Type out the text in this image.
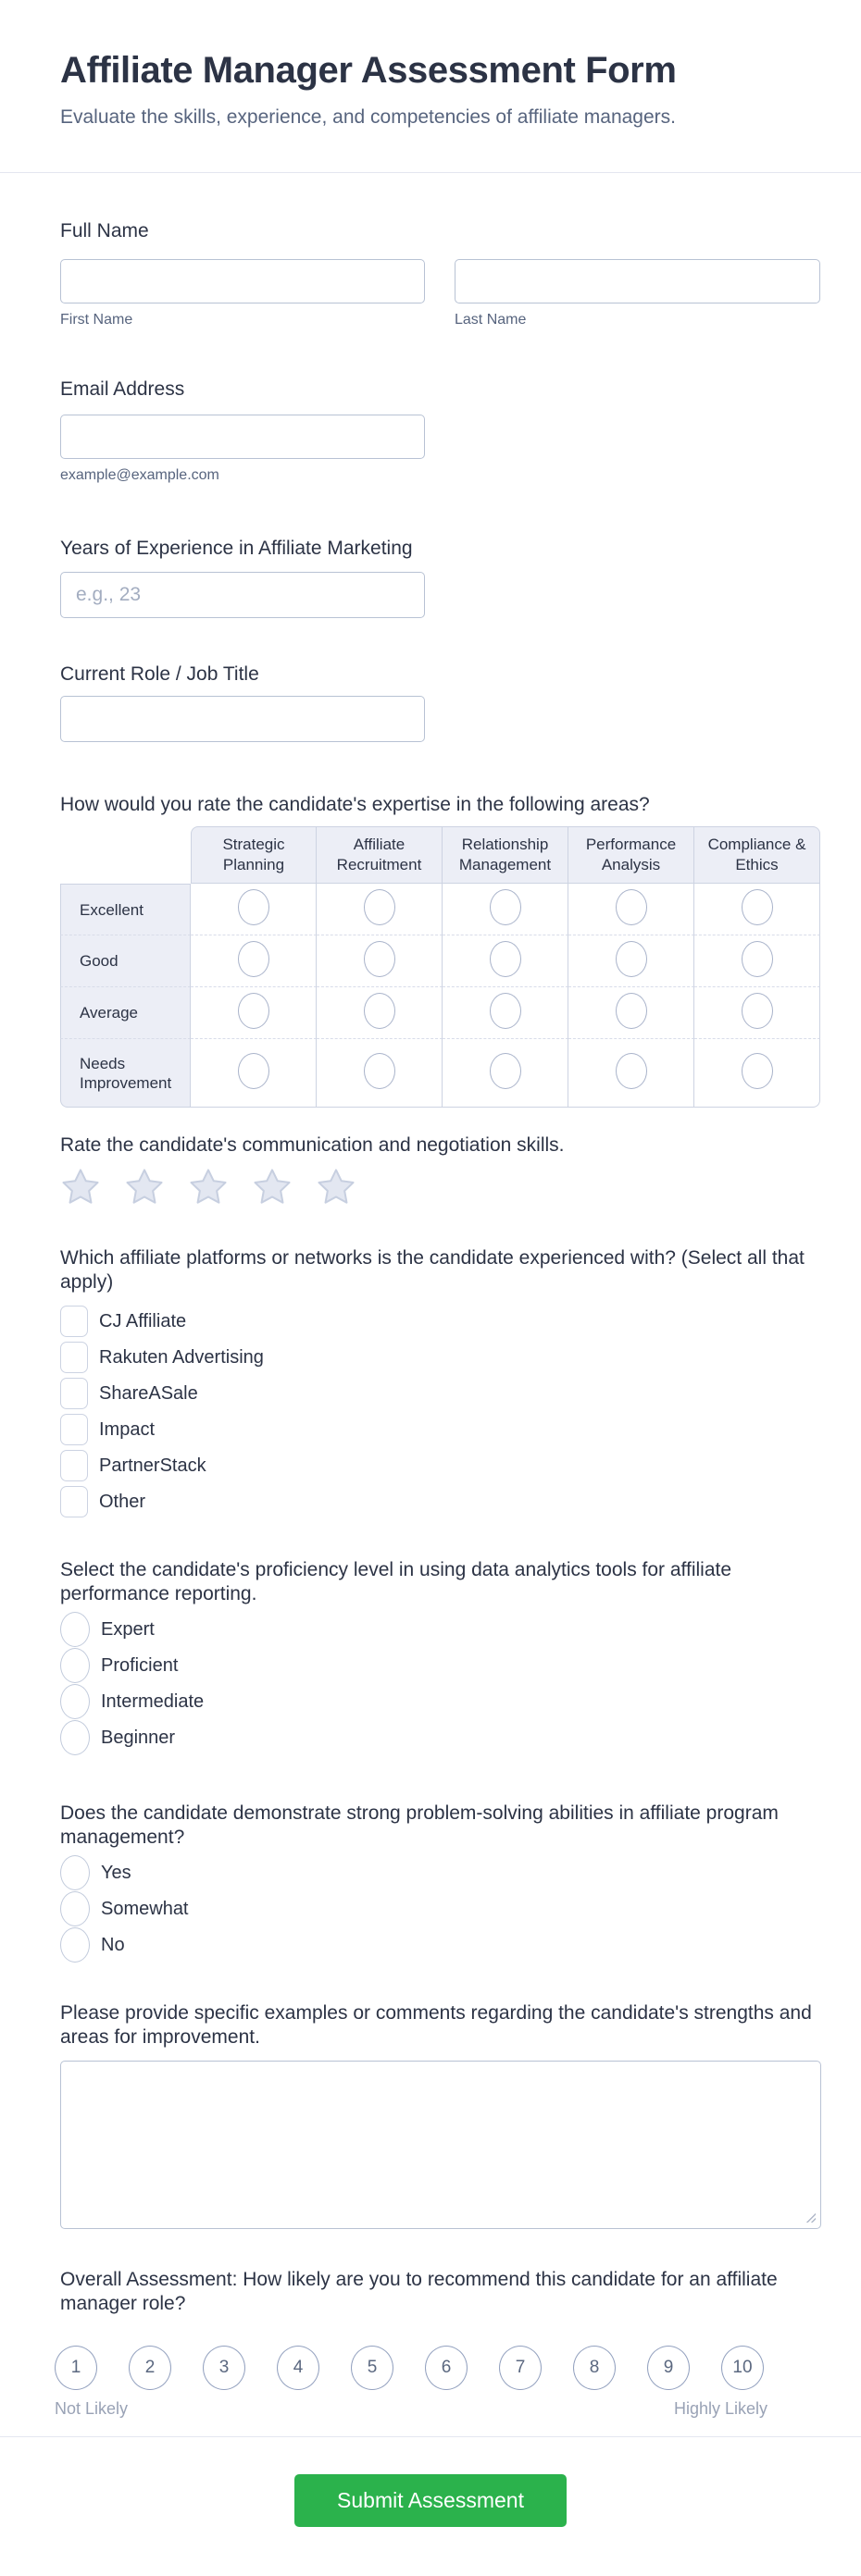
Affiliate Manager Assessment Form
Evaluate the skills, experience, and competencies of affiliate managers.
Full Name
First Name	Last Name
Email Address
example@example.com
Years of Experience in Affiliate Marketing
e.g., 23
Current Role / Job Title
How would you rate the candidate's expertise in the following areas?
	Strategic Planning	Affiliate Recruitment	Relationship Management	Performance Analysis	Compliance & Ethics
Excellent					
Good					
Average					
Needs Improvement					
Rate the candidate's communication and negotiation skills.
Which affiliate platforms or networks is the candidate experienced with? (Select all that apply)
CJ Affiliate
Rakuten Advertising
ShareASale
Impact
PartnerStack
Other
Select the candidate's proficiency level in using data analytics tools for affiliate performance reporting.
Expert
Proficient
Intermediate
Beginner
Does the candidate demonstrate strong problem-solving abilities in affiliate program management?
Yes
Somewhat
No
Please provide specific examples or comments regarding the candidate's strengths and areas for improvement.
Overall Assessment: How likely are you to recommend this candidate for an affiliate manager role?
1	2	3	4	5	6	7	8	9	10
Not Likely	Highly Likely
Submit Assessment
